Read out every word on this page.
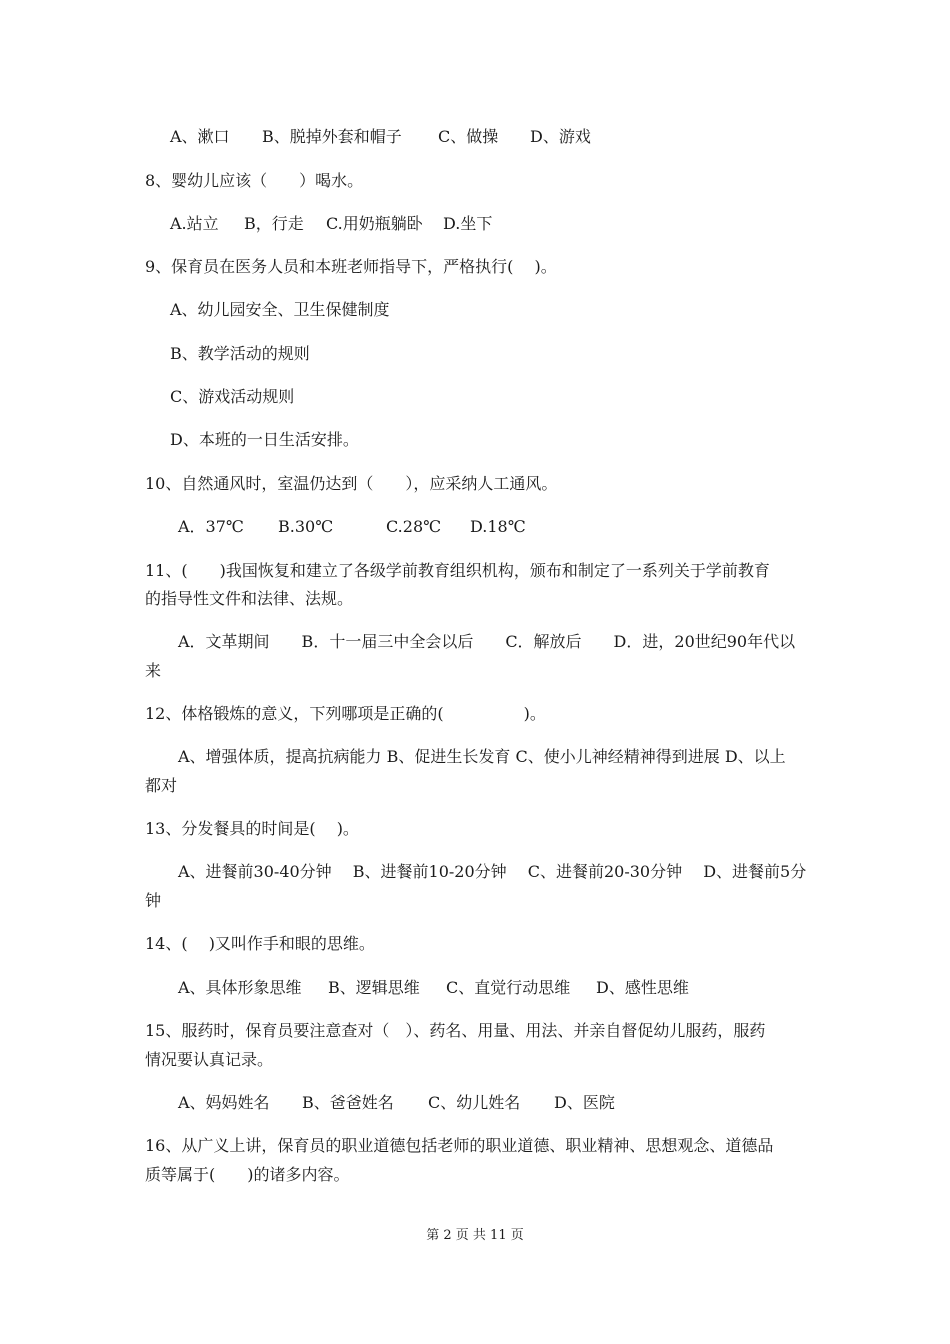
A、漱口 B、脱掉外套和帽子 C、做操 D、游戏
8、婴幼儿应该（　　）喝水。
A.站立 B，行走 C.用奶瓶躺卧 D.坐下
9、保育员在医务人员和本班老师指导下，严格执行(　 )。
A、幼儿园安全、卫生保健制度
B、教学活动的规则
C、游戏活动规则
D、本班的一日生活安排。
10、自然通风时，室温仍达到（　　），应采纳人工通风。
A．37℃ B.30℃	C.28℃ D.18℃
11、(　　)我国恢复和建立了各级学前教育组织机构，颁布和制定了一系列关于学前教育
的指导性文件和法律、法规。
A．文革期间　　B．十一届三中全会以后　　C．解放后　　D．进，20世纪90年代以
来
12、体格锻炼的意义，下列哪项是正确的(　　　　　)。
A、增强体质，提高抗病能力 B、促进生长发育 C、使小儿神经精神得到进展 D、以上
都对
13、分发餐具的时间是(　 )。
A、进餐前30-40分钟　 B、进餐前10-20分钟　 C、进餐前20-30分钟　 D、进餐前5分
钟
14、(　 )又叫作手和眼的思维。
A、具体形象思维 B、逻辑思维 C、直觉行动思维 D、感性思维
15、服药时，保育员要注意查对（　）、药名、用量、用法、并亲自督促幼儿服药，服药
情况要认真记录。
A、妈妈姓名 B、爸爸姓名 C、幼儿姓名 D、医院
16、从广义上讲，保育员的职业道德包括老师的职业道德、职业精神、思想观念、道德品
质等属于(　　)的诸多内容。
第 2 页 共 11 页
